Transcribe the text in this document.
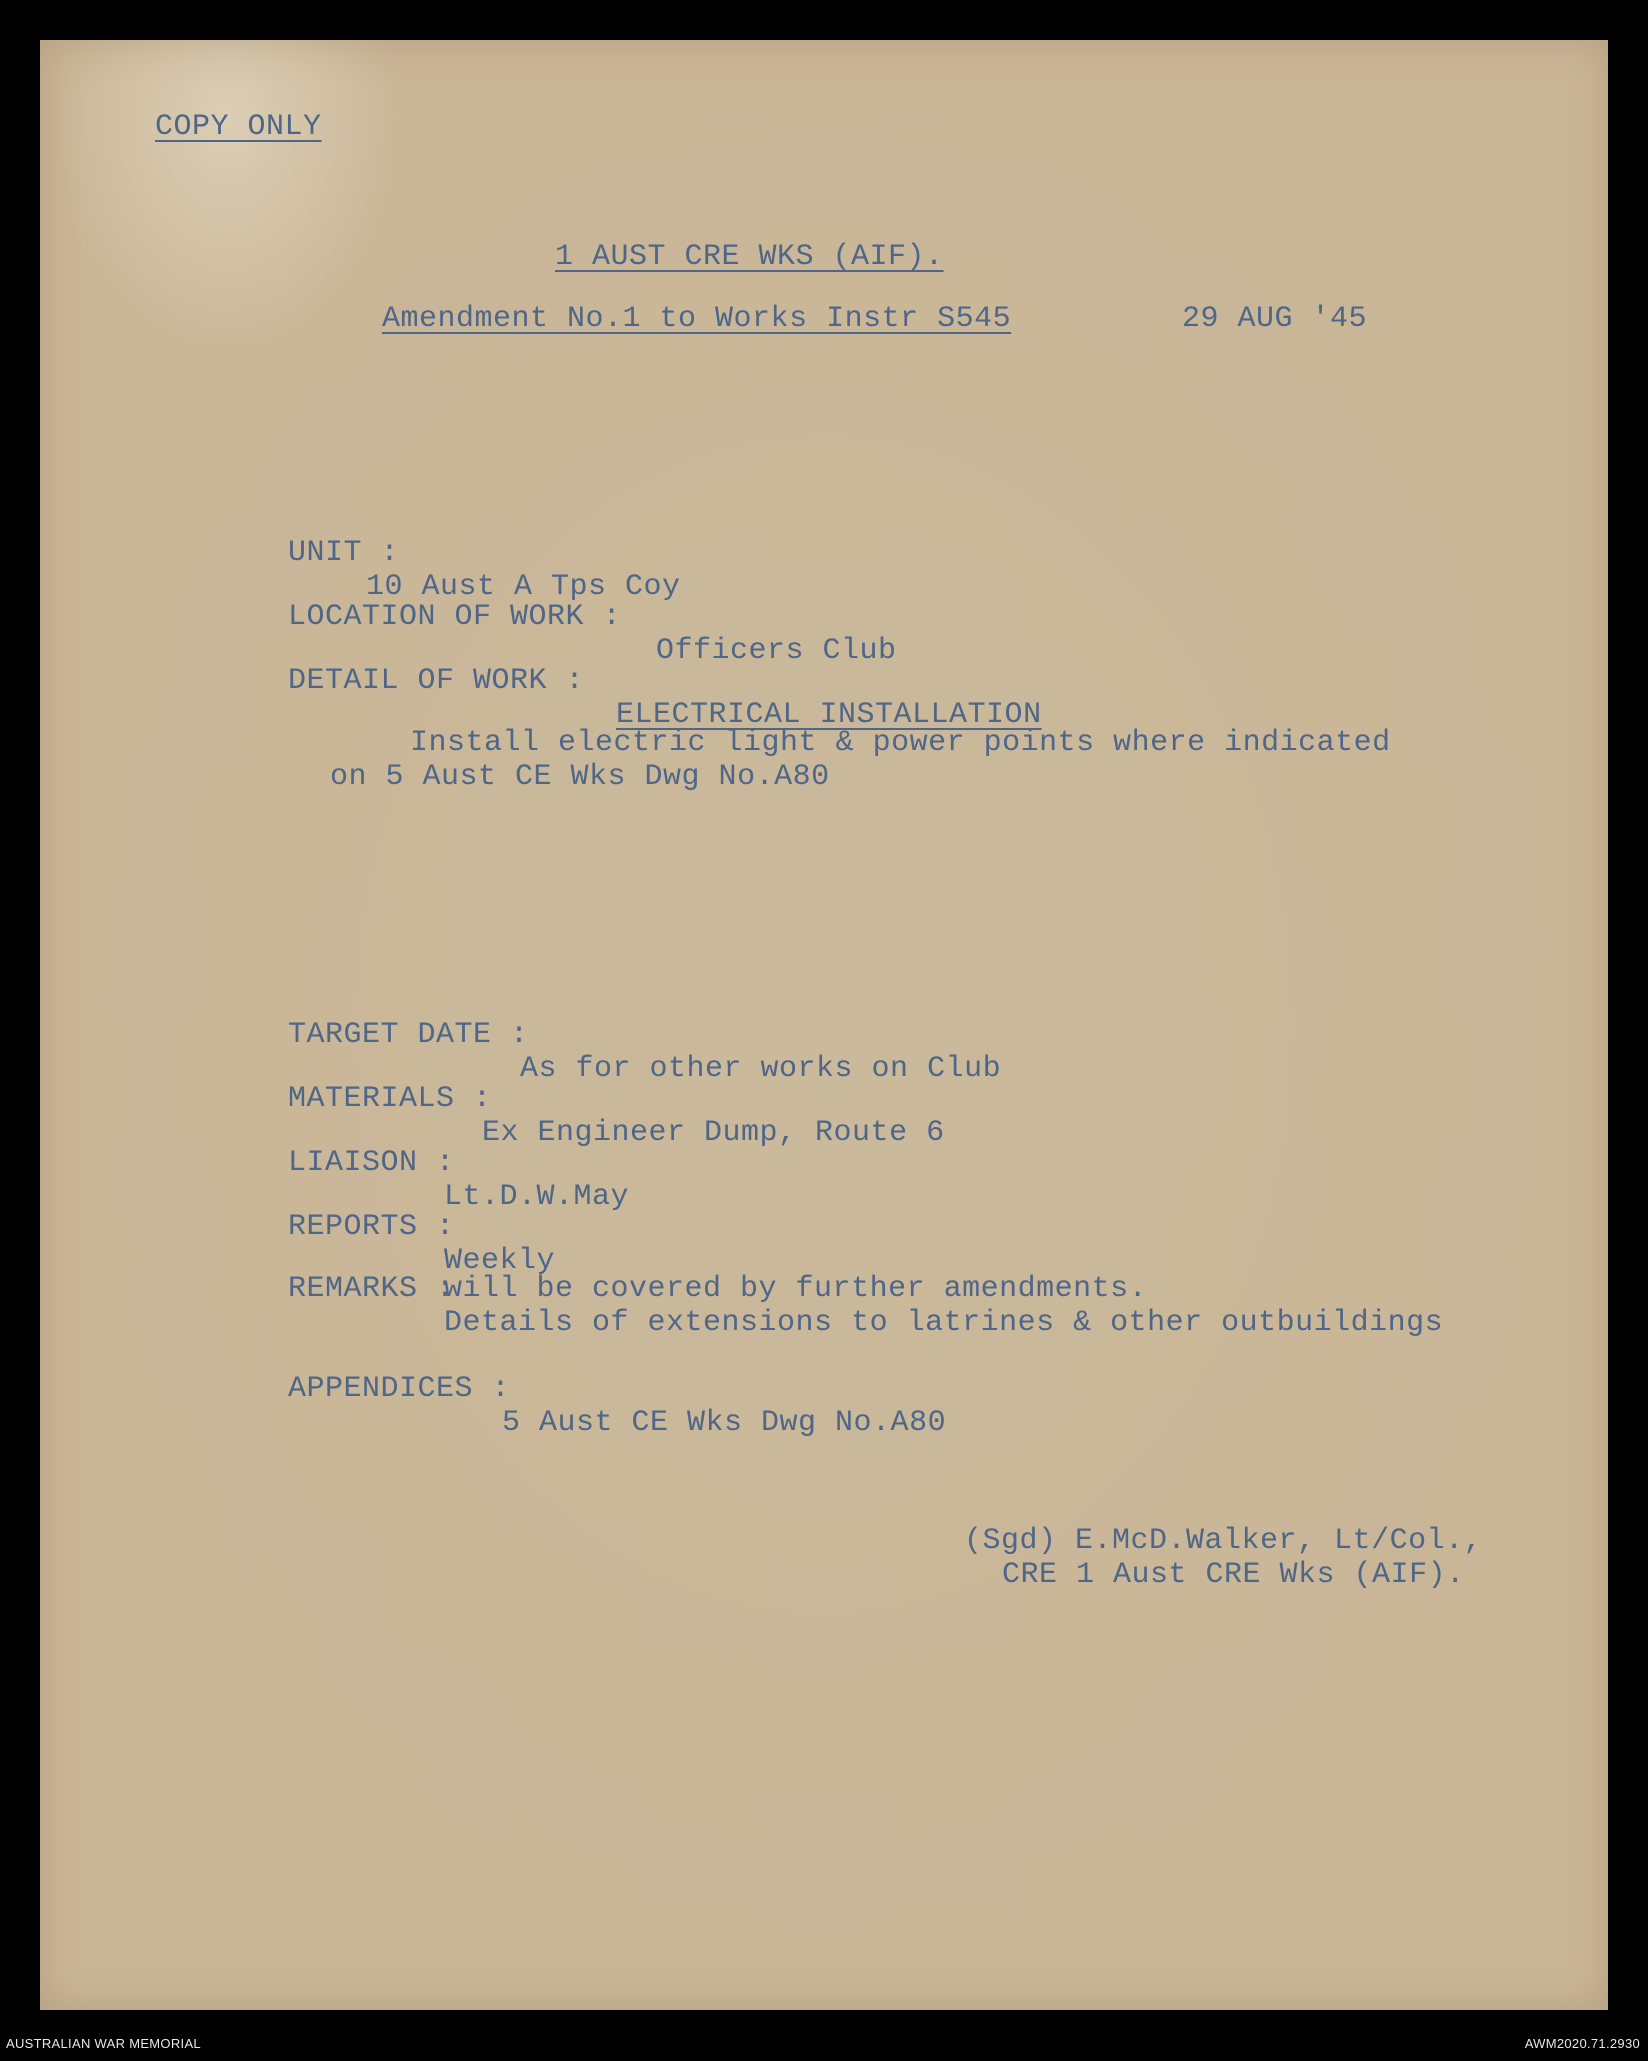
COPY ONLY
1 AUST CRE WKS (AIF).
Amendment No.1 to Works Instr S545	29 AUG '45

UNIT :

10 Aust A Tps Coy

LOCATION OF WORK :

Officers Club

DETAIL OF WORK :

ELECTRICAL INSTALLATION

Install electric light & power points where indicated
on 5 Aust CE Wks Dwg No.A80

TARGET DATE :

As for other works on Club

MATERIALS :

Ex Engineer Dump, Route 6

LIAISON :

Lt.D.W.May

REPORTS :

Weekly

REMARKS :

Details of extensions to latrines & other outbuildings

will be covered by further amendments.

APPENDICES :

5 Aust CE Wks Dwg No.A80

(Sgd) E.McD.Walker, Lt/Col.,
CRE 1 Aust CRE Wks (AIF).
AUSTRALIAN WAR MEMORIAL	AWM2020.71.2930
